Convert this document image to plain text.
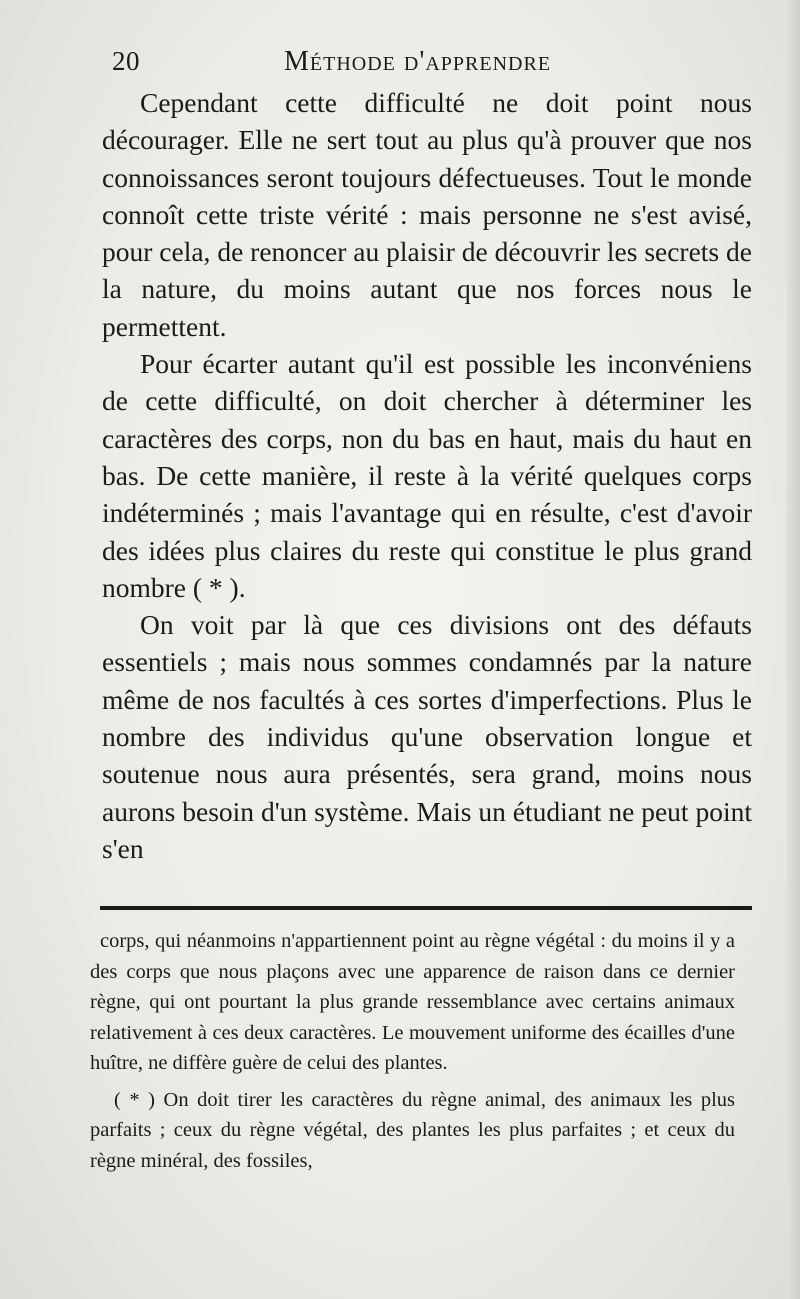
20	Méthode d'apprendre

Cependant cette difficulté ne doit point nous décourager. Elle ne sert tout au plus qu'à prouver que nos connoissances seront toujours défectueuses. Tout le monde connoît cette triste vérité : mais personne ne s'est avisé, pour cela, de renoncer au plaisir de découvrir les secrets de la nature, du moins autant que nos forces nous le permettent.

Pour écarter autant qu'il est possible les inconvéniens de cette difficulté, on doit chercher à déterminer les caractères des corps, non du bas en haut, mais du haut en bas. De cette manière, il reste à la vérité quelques corps indéterminés ; mais l'avantage qui en résulte, c'est d'avoir des idées plus claires du reste qui constitue le plus grand nombre ( * ).

On voit par là que ces divisions ont des défauts essentiels ; mais nous sommes condamnés par la nature même de nos facultés à ces sortes d'imperfections. Plus le nombre des individus qu'une observation longue et soutenue nous aura présentés, sera grand, moins nous aurons besoin d'un système. Mais un étudiant ne peut point s'en

corps, qui néanmoins n'appartiennent point au règne végétal : du moins il y a des corps que nous plaçons avec une apparence de raison dans ce dernier règne, qui ont pourtant la plus grande ressemblance avec certains animaux relativement à ces deux caractères. Le mouvement uniforme des écailles d'une huître, ne diffère guère de celui des plantes.

( * ) On doit tirer les caractères du règne animal, des animaux les plus parfaits ; ceux du règne végétal, des plantes les plus parfaites ; et ceux du règne minéral, des fossiles,
